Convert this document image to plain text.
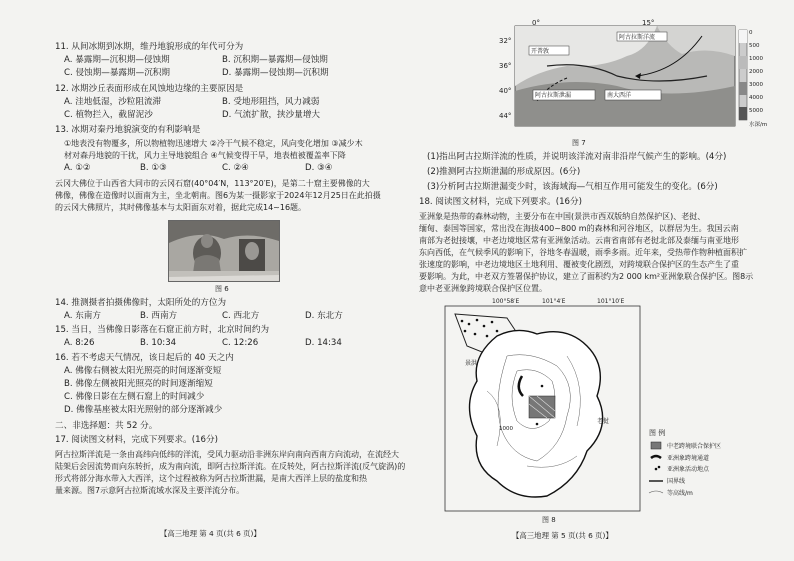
11. 从间冰期到冰期，维丹地貌形成的年代可分为
A. 暴露期—沉积期—侵蚀期	B. 沉积期—暴露期—侵蚀期
C. 侵蚀期—暴露期—沉积期	D. 暴露期—侵蚀期—沉积期
12. 冰期沙丘表面形成在风蚀地边缘的主要原因是
A. 洼地低湿，沙粒阻流滞	B. 受地形阻挡，风力减弱
C. 植物拦入，截留泥沙	D. 气流扩散，挟沙量增大
13. 冰期对秦丹地貌演变的有利影响是
①地表没有物覆多，所以物植物迅速增大 ②冷干气候不稳定，风向变化增加 ③减少木
材对森丹地貌的干扰，风力主导地貌组合 ④气候变得干旱，地表植被覆盖率下降
A. ①②	B. ①③	C. ②④	D. ③④
云冈大佛位于山西省大同市的云冈石窟(40°04′N，113°20′E)，是第二十窟主要佛像的大
佛像，佛像在造像时以面南为主，坐北朝南。图6为某一摄影家于2024年12月25日在此拍摄
的云冈大佛照片，其时佛像基本与太阳面东对着，据此完成14~16题。
图 6
14. 推测摄者拍摄佛像时，太阳所处的方位为
A. 东南方	B. 西南方	C. 西北方	D. 东北方
15. 当日，当佛像日影落在石窟正前方时，北京时间约为
A. 8:26	B. 10:34	C. 12:26	D. 14:34
16. 若不考虑天气情况，该日起后的 40 天之内
A. 佛像右侧被太阳光照亮的时间逐渐变短
B. 佛像左侧被阳光照亮的时间逐渐缩短
C. 佛像日影在左侧石窟上的时间减少
D. 佛像基座被太阳光照射的部分逐渐减少
二、非选择题：共 52 分。
17. 阅读图文材料，完成下列要求。(16分)
阿古拉斯洋流是一条由高纬向低纬的洋流，受风力驱动沿非洲东岸向南向西南方向流动，在流经大
陆架后会因流势而向东转折，成为南向流，即阿古拉斯洋流。在反转处，阿古拉斯洋流(反气旋涡)的
形式将部分海水带入大西洋，这个过程被称为阿古拉斯泄漏，是南大西洋上层的盐度和热
量来源。图7示意阿古拉斯流域水深及主要洋流分布。
【高三地理 第 4 页(共 6 页)】
0°	15°
32°
36°
40°
44°
开普敦
阿古拉斯洋流
阿古拉斯泄漏	南大西洋
水深/m
0
500
1000
2000
3000
4000
5000
图 7
(1)指出阿古拉斯洋流的性质，并说明该洋流对南非沿岸气候产生的影响。(4分)
(2)推测阿古拉斯泄漏的形成原因。(6分)
(3)分析阿古拉斯泄漏变少时，该海域海—气相互作用可能发生的变化。(6分)
18. 阅读图文材料，完成下列要求。(16分)
亚洲象是热带的森林动物，主要分布在中国(景洪市西双版纳自然保护区)、老挝、
缅甸、泰国等国家，常出没在海拔400~800 m的森林和河谷地区，以群居为生。我国云南
南部为老挝接壤，中老边境地区常有亚洲象活动。云南省南部有老挝北部及泰缅与南亚地形
东向西低，在气候季风的影响下，谷地冬春温暖，雨季多雨。近年来，受热带作物种植面积扩
张速度的影响，中老边境地区土地利用、覆被变化剧烈，对跨境联合保护区的生态产生了重
要影响。为此，中老双方签署保护协议，建立了面积约为2 000 km²亚洲象联合保护区。图8示
意中老亚洲象跨境联合保护区位置。
100°58′E	101°4′E	101°10′E
景洪
老挝
1000	图 例
中老跨境联合保护区
亚洲象跨境通道
亚洲象活动地点
国界线
等高线/m
图 8
【高三地理 第 5 页(共 6 页)】
